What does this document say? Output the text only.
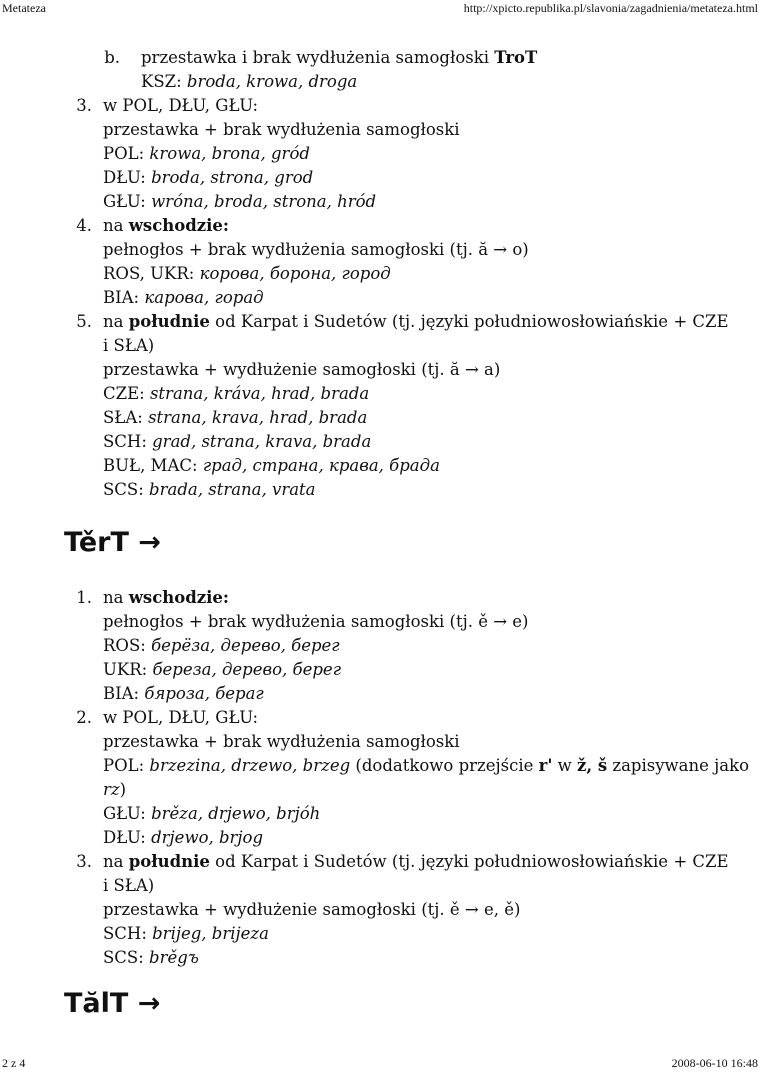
Metateza	http://xpicto.republika.pl/slavonia/zagadnienia/metateza.html
b. przestawka i brak wydłużenia samogłoski TroT
KSZ: broda, krowa, droga
3. w POL, DŁU, GŁU:
przestawka + brak wydłużenia samogłoski
POL: krowa, brona, gród
DŁU: broda, strona, grod
GŁU: wróna, broda, strona, hród
4. na wschodzie:
pełnogłos + brak wydłużenia samogłoski (tj. ă → o)
ROS, UKR: корова, борона, город
BIA: карова, горад
5. na południe od Karpat i Sudetów (tj. języki południowosłowiańskie + CZE
i SŁA)
przestawka + wydłużenie samogłoski (tj. ă → a)
CZE: strana, kráva, hrad, brada
SŁA: strana, krava, hrad, brada
SCH: grad, strana, krava, brada
BUŁ, MAC: град, страна, крава, брада
SCS: brada, strana, vrata
TěrT →
1. na wschodzie:
pełnogłos + brak wydłużenia samogłoski (tj. ě → e)
ROS: берёза, дерево, берег
UKR: береза, дерево, берег
BIA: бяроза, бераг
2. w POL, DŁU, GŁU:
przestawka + brak wydłużenia samogłoski
POL: brzezina, drzewo, brzeg (dodatkowo przejście r' w ž, š zapisywane jako
rz)
GŁU: brěza, drjewo, brjóh
DŁU: drjewo, brjog
3. na południe od Karpat i Sudetów (tj. języki południowosłowiańskie + CZE
i SŁA)
przestawka + wydłużenie samogłoski (tj. ě → e, ě)
SCH: brijeg, brijeza
SCS: brěgъ
TălT →
2 z 4	2008-06-10 16:48
